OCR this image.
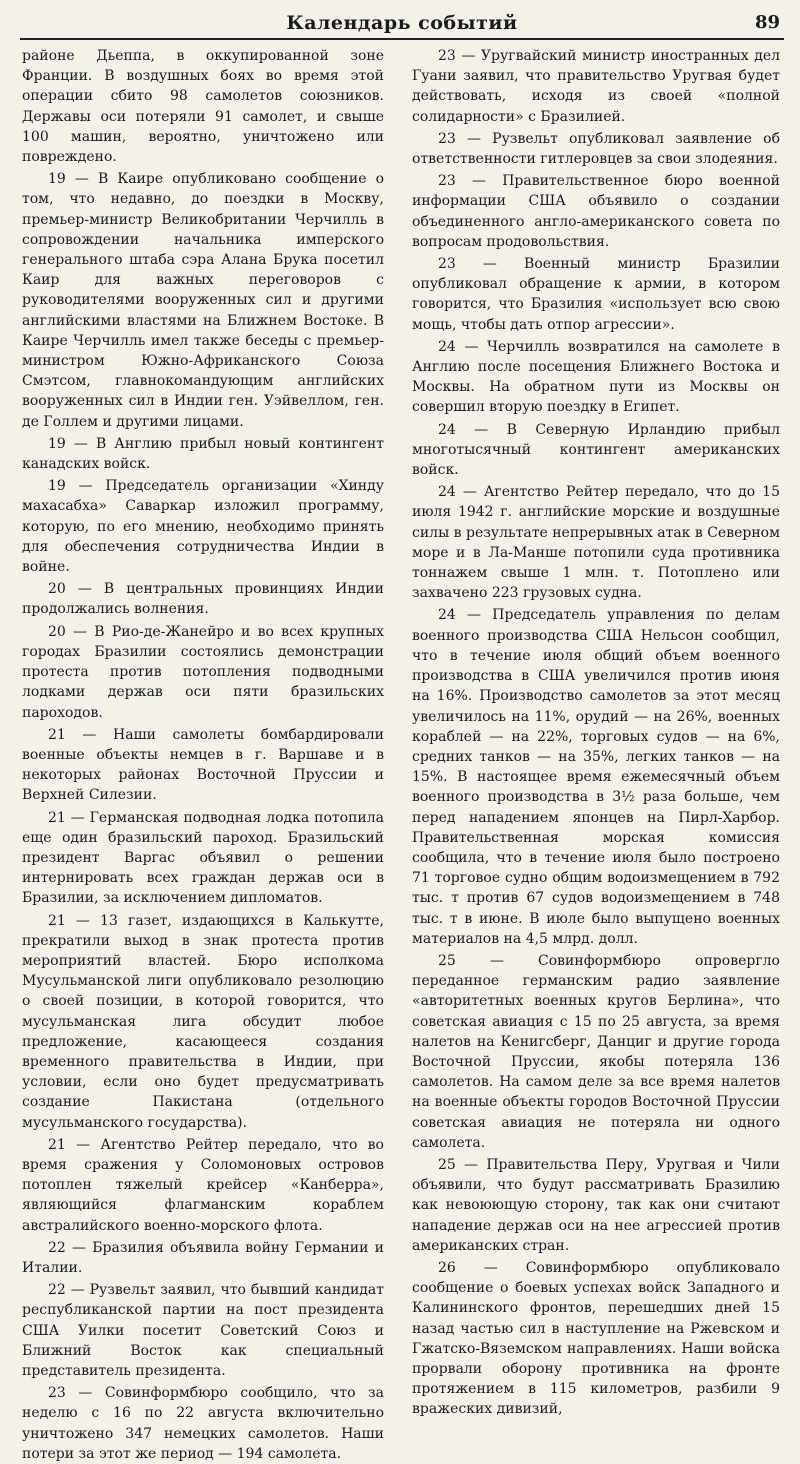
Календарь событий	89

районе Дьеппа, в оккупированной зоне Франции. В воздушных боях во время этой операции сбито 98 самолетов союзников. Державы оси потеряли 91 самолет, и свыше 100 машин, вероятно, уничтожено или повреждено.

19 — В Каире опубликовано сообщение о том, что недавно, до поездки в Москву, премьер-министр Великобритании Черчилль в сопровождении начальника имперского генерального штаба сэра Алана Брука посетил Каир для важных переговоров с руководителями вооруженных сил и другими английскими властями на Ближнем Востоке. В Каире Черчилль имел также беседы с премьер-министром Южно-Африканского Союза Смэтсом, главнокомандующим английских вооруженных сил в Индии ген. Уэйвеллом, ген. де Голлем и другими лицами.

19 — В Англию прибыл новый контингент канадских войск.

19 — Председатель организации «Хинду махасабха» Саваркар изложил программу, которую, по его мнению, необходимо принять для обеспечения сотрудничества Индии в войне.

20 — В центральных провинциях Индии продолжались волнения.

20 — В Рио-де-Жанейро и во всех крупных городах Бразилии состоялись демонстрации протеста против потопления подводными лодками держав оси пяти бразильских пароходов.

21 — Наши самолеты бомбардировали военные объекты немцев в г. Варшаве и в некоторых районах Восточной Пруссии и Верхней Силезии.

21 — Германская подводная лодка потопила еще один бразильский пароход. Бразильский президент Варгас объявил о решении интернировать всех граждан держав оси в Бразилии, за исключением дипломатов.

21 — 13 газет, издающихся в Калькутте, прекратили выход в знак протеста против мероприятий властей. Бюро исполкома Мусульманской лиги опубликовало резолюцию о своей позиции, в которой говорится, что мусульманская лига обсудит любое предложение, касающееся создания временного правительства в Индии, при условии, если оно будет предусматривать создание Пакистана (отдельного мусульманского государства).

21 — Агентство Рейтер передало, что во время сражения у Соломоновых островов потоплен тяжелый крейсер «Канберра», являющийся флагманским кораблем австралийского военно-морского флота.

22 — Бразилия объявила войну Германии и Италии.

22 — Рузвельт заявил, что бывший кандидат республиканской партии на пост президента США Уилки посетит Советский Союз и Ближний Восток как специальный представитель президента.

23 — Совинформбюро сообщило, что за неделю с 16 по 22 августа включительно уничтожено 347 немецких самолетов. Наши потери за этот же период — 194 самолета.

23 — Уругвайский министр иностранных дел Гуани заявил, что правительство Уругвая будет действовать, исходя из своей «полной солидарности» с Бразилией.

23 — Рузвельт опубликовал заявление об ответственности гитлеровцев за свои злодеяния.

23 — Правительственное бюро военной информации США объявило о создании объединенного англо-американского совета по вопросам продовольствия.

23 — Военный министр Бразилии опубликовал обращение к армии, в котором говорится, что Бразилия «использует всю свою мощь, чтобы дать отпор агрессии».

24 — Черчилль возвратился на самолете в Англию после посещения Ближнего Востока и Москвы. На обратном пути из Москвы он совершил вторую поездку в Египет.

24 — В Северную Ирландию прибыл многотысячный контингент американских войск.

24 — Агентство Рейтер передало, что до 15 июля 1942 г. английские морские и воздушные силы в результате непрерывных атак в Северном море и в Ла-Манше потопили суда противника тоннажем свыше 1 млн. т. Потоплено или захвачено 223 грузовых судна.

24 — Председатель управления по делам военного производства США Нельсон сообщил, что в течение июля общий объем военного производства в США увеличился против июня на 16%. Производство самолетов за этот месяц увеличилось на 11%, орудий — на 26%, военных кораблей — на 22%, торговых судов — на 6%, средних танков — на 35%, легких танков — на 15%. В настоящее время ежемесячный объем военного производства в 3½ раза больше, чем перед нападением японцев на Пирл-Харбор. Правительственная морская комиссия сообщила, что в течение июля было построено 71 торговое судно общим водоизмещением в 792 тыс. т против 67 судов водоизмещением в 748 тыс. т в июне. В июле было выпущено военных материалов на 4,5 млрд. долл.

25 — Совинформбюро опровергло переданное германским радио заявление «авторитетных военных кругов Берлина», что советская авиация с 15 по 25 августа, за время налетов на Кенигсберг, Данциг и другие города Восточной Пруссии, якобы потеряла 136 самолетов. На самом деле за все время налетов на военные объекты городов Восточной Пруссии советская авиация не потеряла ни одного самолета.

25 — Правительства Перу, Уругвая и Чили объявили, что будут рассматривать Бразилию как невоюющую сторону, так как они считают нападение держав оси на нее агрессией против американских стран.

26 — Совинформбюро опубликовало сообщение о боевых успехах войск Западного и Калининского фронтов, перешедших дней 15 назад частью сил в наступление на Ржевском и Гжатско-Вяземском направлениях. Наши войска прорвали оборону противника на фронте протяжением в 115 километров, разбили 9 вражеских дивизий,
